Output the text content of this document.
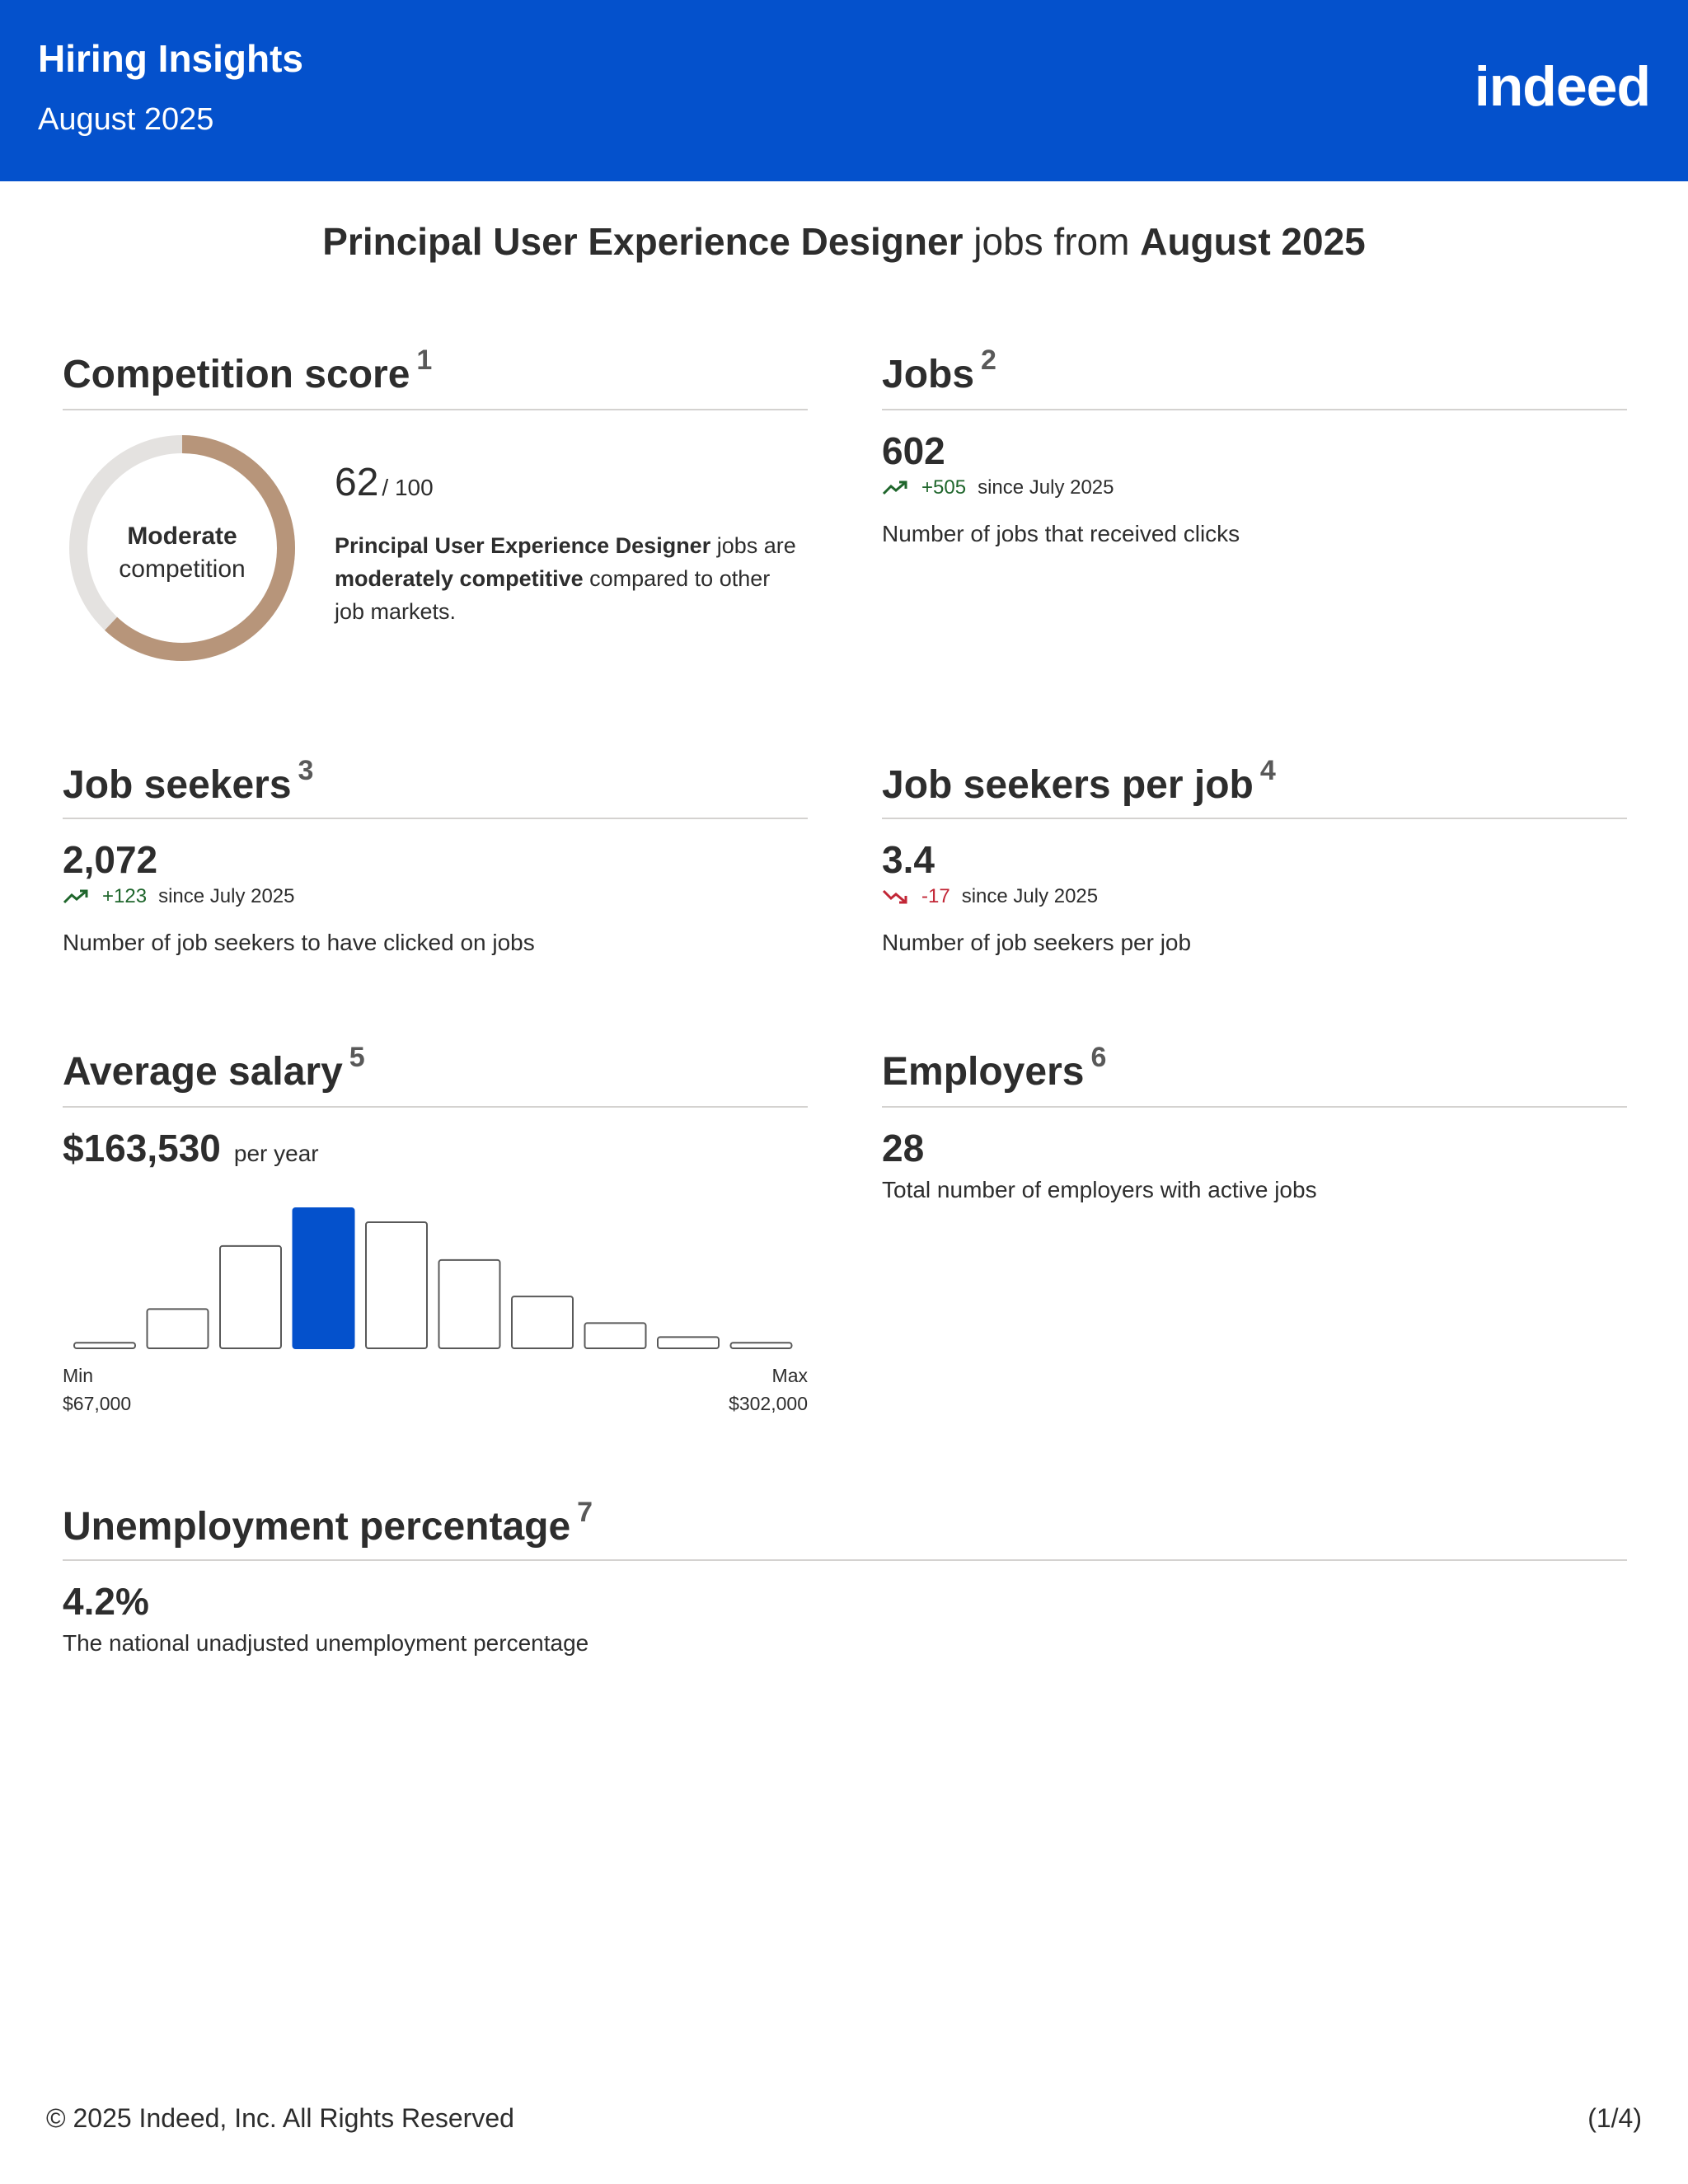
Hiring Insights
August 2025
indeed
Principal User Experience Designer jobs from August 2025
Competition score $^1$
Moderate
competition
62 / 100
Principal User Experience Designer jobs are
moderately competitive compared to other
job markets.
Jobs $^2$
602
+505 since July 2025
Number of jobs that received clicks
Job seekers $^3$
2,072
+123 since July 2025
Number of job seekers to have clicked on jobs
Job seekers per job $^4$
3.4
-17 since July 2025
Number of job seekers per job
Average salary $^5$
$163,530 per year
Min
$67,000
Max
$302,000
Employers $^6$
28
Total number of employers with active jobs
Unemployment percentage $^7$
4.2%
The national unadjusted unemployment percentage
© 2025 Indeed, Inc. All Rights Reserved	(1/4)
